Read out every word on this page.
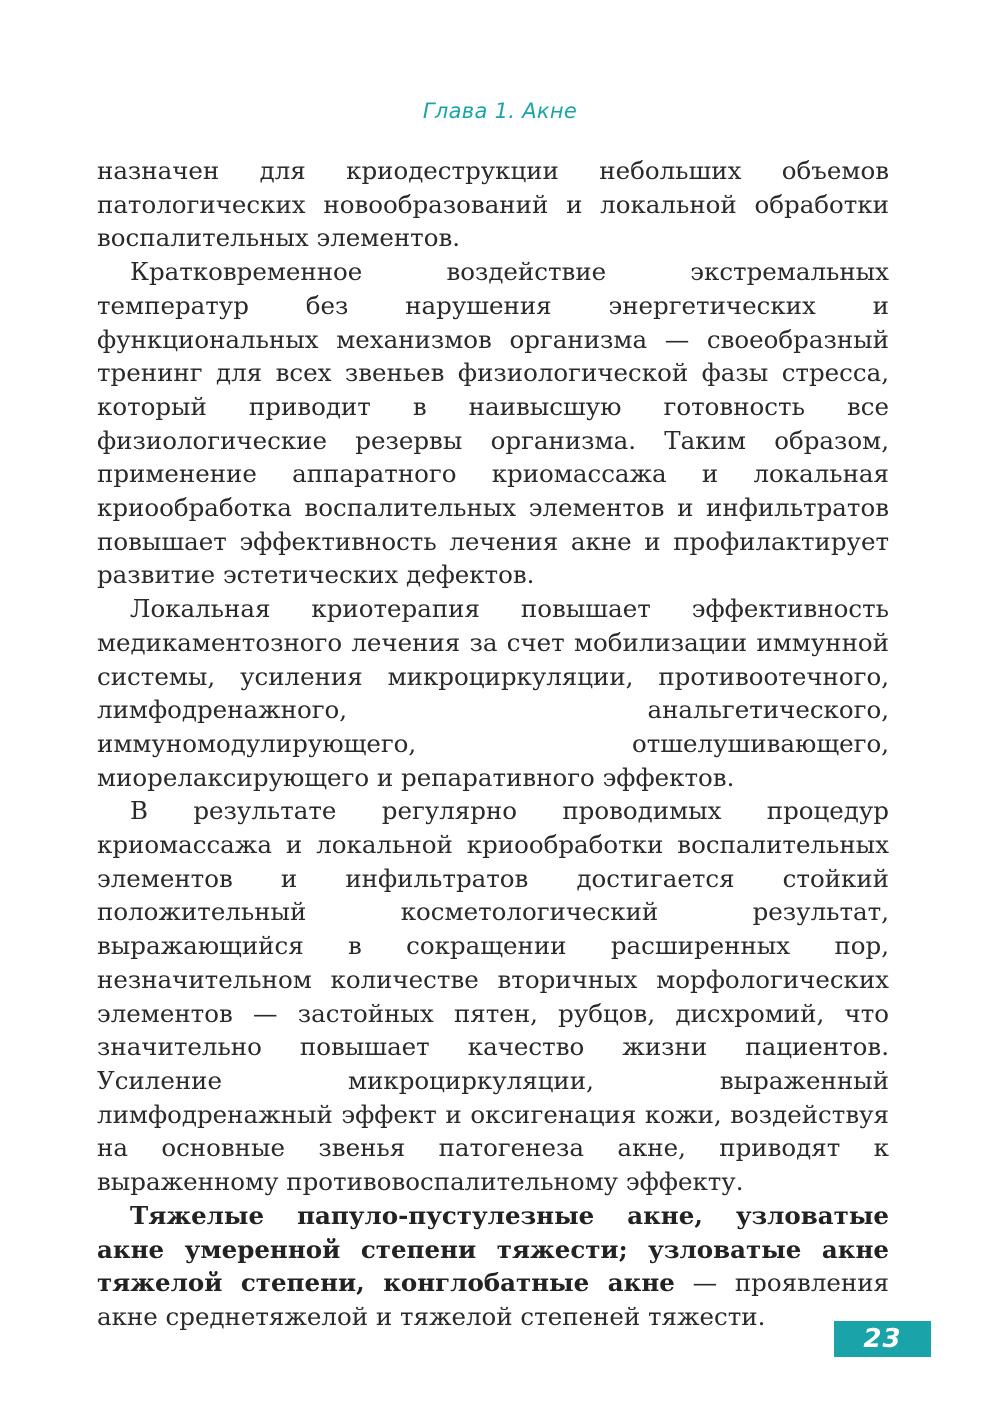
Глава 1. Акне

назначен для криодеструкции небольших объемов патологических новообразований и локальной обработки воспалительных элементов.

Кратковременное воздействие экстремальных температур без нарушения энергетических и функциональных механизмов организма — своеобразный тренинг для всех звеньев физиологической фазы стресса, который приводит в наивысшую готовность все физиологические резервы организма. Таким образом, применение аппаратного криомассажа и локальная криообработка воспалительных элементов и инфильтратов повышает эффективность лечения акне и профилактирует развитие эстетических дефектов.

Локальная криотерапия повышает эффективность медикаментозного лечения за счет мобилизации иммунной системы, усиления микроциркуляции, противоотечного, лимфодренажного, анальгетического, иммуномодулирующего, отшелушивающего, миорелаксирующего и репаративного эффектов.

В результате регулярно проводимых процедур криомассажа и локальной криообработки воспалительных элементов и инфильтратов достигается стойкий положительный косметологический результат, выражающийся в сокращении расширенных пор, незначительном количестве вторичных морфологических элементов — застойных пятен, рубцов, дисхромий, что значительно повышает качество жизни пациентов. Усиление микроциркуляции, выраженный лимфодренажный эффект и оксигенация кожи, воздействуя на основные звенья патогенеза акне, приводят к выраженному противовоспалительному эффекту.

Тяжелые папуло-пустулезные акне, узловатые акне умеренной степени тяжести; узловатые акне тяжелой степени, конглобатные акне — проявления акне среднетяжелой и тяжелой степеней тяжести.

23
